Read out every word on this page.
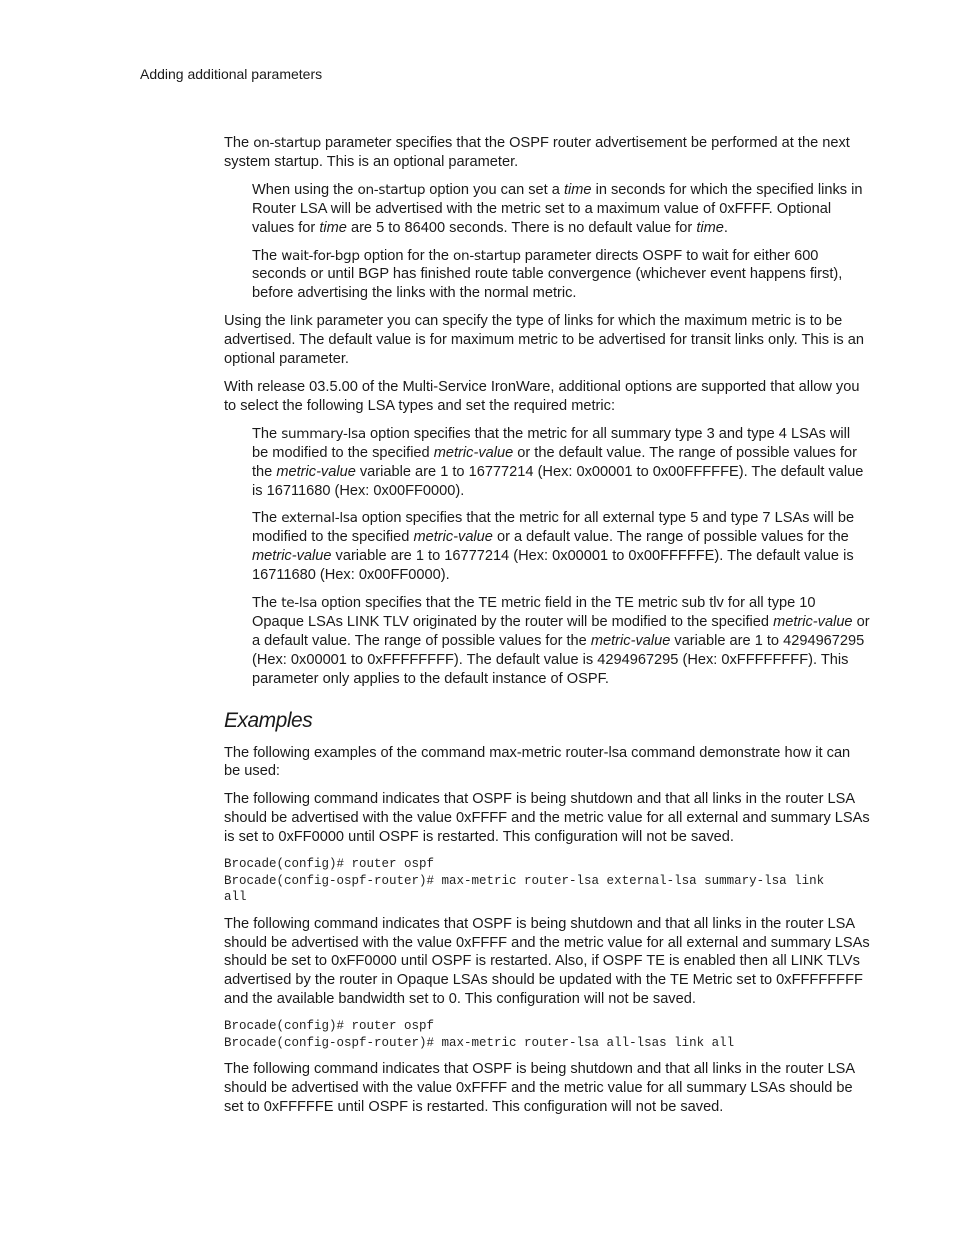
Adding additional parameters

The on-startup parameter specifies that the OSPF router advertisement be performed at the next system startup. This is an optional parameter.

When using the on-startup option you can set a time in seconds for which the specified links in Router LSA will be advertised with the metric set to a maximum value of 0xFFFF. Optional values for time are 5 to 86400 seconds. There is no default value for time.

The wait-for-bgp option for the on-startup parameter directs OSPF to wait for either 600 seconds or until BGP has finished route table convergence (whichever event happens first), before advertising the links with the normal metric.

Using the link parameter you can specify the type of links for which the maximum metric is to be advertised. The default value is for maximum metric to be advertised for transit links only. This is an optional parameter.

With release 03.5.00 of the Multi-Service IronWare, additional options are supported that allow you to select the following LSA types and set the required metric:

The summary-lsa option specifies that the metric for all summary type 3 and type 4 LSAs will be modified to the specified metric-value or the default value. The range of possible values for the metric-value variable are 1 to 16777214 (Hex: 0x00001 to 0x00FFFFFE). The default value is 16711680 (Hex: 0x00FF0000).

The external-lsa option specifies that the metric for all external type 5 and type 7 LSAs will be modified to the specified metric-value or a default value. The range of possible values for the metric-value variable are 1 to 16777214 (Hex: 0x00001 to 0x00FFFFFE). The default value is 16711680 (Hex: 0x00FF0000).

The te-lsa option specifies that the TE metric field in the TE metric sub tlv for all type 10 Opaque LSAs LINK TLV originated by the router will be modified to the specified metric-value or a default value. The range of possible values for the metric-value variable are 1 to 4294967295 (Hex: 0x00001 to 0xFFFFFFFF). The default value is 4294967295 (Hex: 0xFFFFFFFF). This parameter only applies to the default instance of OSPF.

Examples

The following examples of the command max-metric router-lsa command demonstrate how it can be used:

The following command indicates that OSPF is being shutdown and that all links in the router LSA should be advertised with the value 0xFFFF and the metric value for all external and summary LSAs is set to 0xFF0000 until OSPF is restarted. This configuration will not be saved.

Brocade(config)# router ospf
Brocade(config-ospf-router)# max-metric router-lsa external-lsa summary-lsa link
all

The following command indicates that OSPF is being shutdown and that all links in the router LSA should be advertised with the value 0xFFFF and the metric value for all external and summary LSAs should be set to 0xFF0000 until OSPF is restarted. Also, if OSPF TE is enabled then all LINK TLVs advertised by the router in Opaque LSAs should be updated with the TE Metric set to 0xFFFFFFFF and the available bandwidth set to 0. This configuration will not be saved.

Brocade(config)# router ospf
Brocade(config-ospf-router)# max-metric router-lsa all-lsas link all

The following command indicates that OSPF is being shutdown and that all links in the router LSA should be advertised with the value 0xFFFF and the metric value for all summary LSAs should be set to 0xFFFFFE until OSPF is restarted. This configuration will not be saved.
